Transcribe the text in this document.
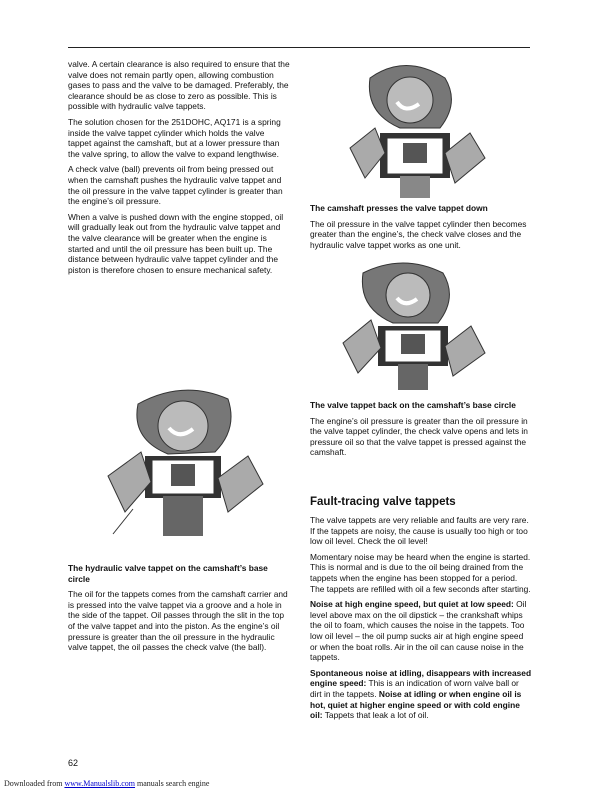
valve. A certain clearance is also required to ensure that the valve does not remain partly open, allowing combustion gases to pass and the valve to be damaged. Preferably, the clearance should be as close to zero as possible. This is possible with hydraulic valve tappets.

The solution chosen for the 251DOHC, AQ171 is a spring inside the valve tappet cylinder which holds the valve tappet against the camshaft, but at a lower pressure than the valve spring, to allow the valve to expand lengthwise.

A check valve (ball) prevents oil from being pressed out when the camshaft pushes the hydraulic valve tappet and the oil pressure in the valve tappet cylinder is greater than the engine’s oil pressure.

When a valve is pushed down with the engine stopped, oil will gradually leak out from the hydraulic valve tappet and the valve clearance will be greater when the engine is started and until the oil pressure has been built up. The distance between hydraulic valve tappet cylinder and the piston is therefore chosen to ensure mechanical safety.

The camshaft presses the valve tappet down

The oil pressure in the valve tappet cylinder then becomes greater than the engine’s, the check valve closes and the hydraulic valve tappet works as one unit.

The valve tappet back on the camshaft’s base circle

The engine’s oil pressure is greater than the oil pressure in the valve tappet cylinder, the check valve opens and lets in pressure oil so that the valve tappet is pressed against the camshaft.

The hydraulic valve tappet on the camshaft’s base circle

The oil for the tappets comes from the camshaft carrier and is pressed into the valve tappet via a groove and a hole in the side of the tappet. Oil passes through the slit in the top of the valve tappet and into the piston. As the engine’s oil pressure is greater than the oil pressure in the hydraulic valve tappet, the oil passes the check valve (the ball).

Fault-tracing valve tappets

The valve tappets are very reliable and faults are very rare. If the tappets are noisy, the cause is usually too high or too low oil level. Check the oil level!

Momentary noise may be heard when the engine is started. This is normal and is due to the oil being drained from the tappets when the engine has been stopped for a period. The tappets are refilled with oil a few seconds after starting.

Noise at high engine speed, but quiet at low speed: Oil level above max on the oil dipstick – the crankshaft whips the oil to foam, which causes the noise in the tappets. Too low oil level – the oil pump sucks air at high engine speed or when the boat rolls. Air in the oil can cause noise in the tappets.

Spontaneous noise at idling, disappears with increased engine speed: This is an indication of worn valve ball or dirt in the tappets. Noise at idling or when engine oil is hot, quiet at higher engine speed or with cold engine oil: Tappets that leak a lot of oil.

62
Downloaded from www.Manualslib.com manuals search engine
